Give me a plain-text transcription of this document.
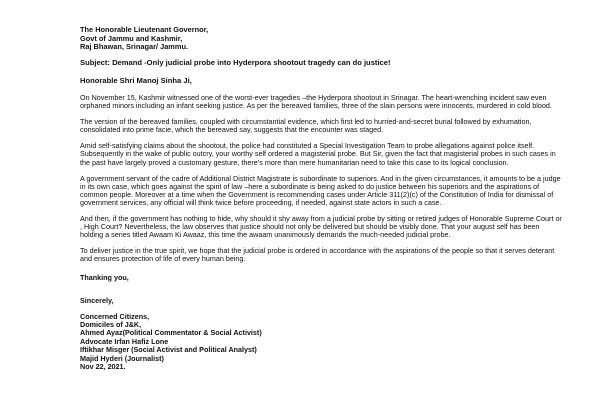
The Honorable Lieutenant Governor,
Govt of Jammu and Kashmir,
Raj Bhawan, Srinagar/ Jammu.
Subject: Demand -Only judicial probe into Hyderpora shootout tragedy can do justice!
Honorable Shri Manoj Sinha Ji,

On November 15, Kashmir witnessed one of the worst-ever tragedies –the Hyderpora shootout in Srinagar. The heart-wrenching incident saw even orphaned minors including an infant seeking justice. As per the bereaved families, three of the slain persons were innocents, murdered in cold blood.

The version of the bereaved families, coupled with circumstantial evidence, which first led to hurried-and-secret burial followed by exhumation, consolidated into prime facie, which the bereaved say, suggests that the encounter was staged.

Amid self-satisfying claims about the shootout, the police had constituted a Special Investigation Team to probe allegations against police itself. Subsequently in the wake of public outcry, your worthy self ordered a magisterial probe. But Sir, given the fact that magisterial probes in such cases in the past have largely proved a customary gesture, there’s more than mere humanitarian need to take this case to its logical conclusion.

A government servant of the cadre of Additional District Magistrate is subordinate to superiors. And in the given circumstances, it amounts to be a judge in its own case, which goes against the spirit of law –here a subordinate is being asked to do justice between his superiors and the aspirations of common people. Moreover at a time when the Government is recommending cases under Article 311(2)(c) of the Constitution of India for dismissal of government services, any official will think twice before proceeding, if needed, against state actors in such a case.

And then, if the government has nothing to hide, why should it shy away from a judicial probe by sitting or retired judges of Honorable Supreme Court or , High Court? Nevertheless, the law observes that justice should not only be delivered but should be visibly done. That your august self has been holding a series titled Awaam Ki Awaaz, this time the awaam unanimously demands the much-needed judicial probe.

To deliver justice in the true spirit, we hope that the judicial probe is ordered in accordance with the aspirations of the people so that it serves deterant and ensures protection of life of every human being.

Thanking you,
Sincerely,
Concerned Citizens,
Domiciles of J&K,
Ahmed Ayaz(Political Commentator & Social Activist)
Advocate Irfan Hafiz Lone
Iftikhar Misger (Social Activist and Political Analyst)
Majid Hyderi (Journalist)
Nov 22, 2021.
